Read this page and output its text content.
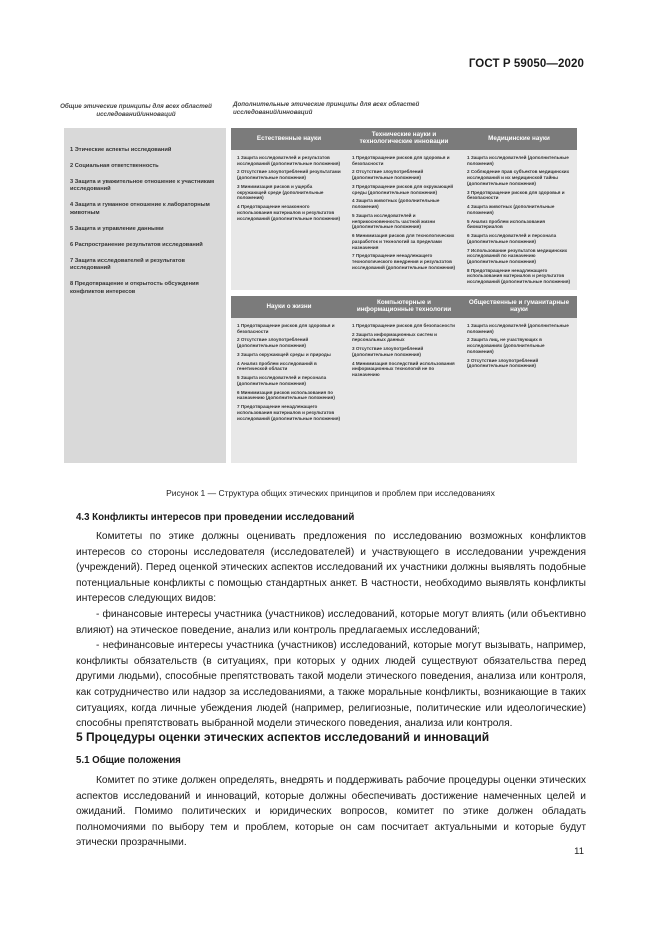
ГОСТ Р 59050—2020
Общие этические принципы для всех областей исследований/инноваций
Дополнительные этические принципы для всех областей исследований/инноваций
1 Этические аспекты исследований
2 Социальная ответственность
3 Защита и уважительное отношение к участникам исследований
4 Защита и гуманное отношение к лабораторным животным
5 Защита и управление данными
6 Распространение результатов исследований
7 Защита исследователей и результатов исследований
8 Предотвращение и открытость обсуждения конфликтов интересов
Естественные науки
1 Защита исследователей и результатов исследований (дополнительные положения)
2 Отсутствие злоупотреблений результатами (дополнительные положения)
3 Минимизация рисков и ущерба окружающей среде (дополнительные положения)
4 Предотвращение незаконного использования материалов и результатов исследований (дополнительные положения)
Технические науки и технологические инновации
1 Предотвращение рисков для здоровья и безопасности
2 Отсутствие злоупотреблений (дополнительные положения)
3 Предотвращение рисков для окружающей среды (дополнительные положения)
4 Защита животных (дополнительные положения)
5 Защита исследователей и неприкосновенность частной жизни (дополнительные положения)
6 Минимизация рисков для технологических разработок и технологий за пределами назначения
7 Предотвращение ненадлежащего технологического внедрения и результатов исследований (дополнительные положения)
Медицинские науки
1 Защита исследователей (дополнительные положения)
2 Соблюдение прав субъектов медицинских исследований и их медицинской тайны (дополнительные положения)
3 Предотвращение рисков для здоровья и безопасности
4 Защита животных (дополнительные положения)
5 Анализ проблем использования биоматериалов
6 Защита исследователей и персонала (дополнительные положения)
7 Использование результатов медицинских исследований по назначению (дополнительные положения)
8 Предотвращение ненадлежащего использования материалов и результатов исследований (дополнительные положения)
Науки о жизни
1 Предотвращение рисков для здоровья и безопасности
2 Отсутствие злоупотреблений (дополнительные положения)
3 Защита окружающей среды и природы
4 Анализ проблем исследований в генетической области
5 Защита исследователей и персонала (дополнительные положения)
6 Минимизация рисков использования по назначению (дополнительные положения)
7 Предотвращение ненадлежащего использования материалов и результатов исследований (дополнительные положения)
Компьютерные и информационные технологии
1 Предотвращение рисков для безопасности
2 Защита информационных систем и персональных данных
3 Отсутствие злоупотреблений (дополнительные положения)
4 Минимизация последствий использования информационных технологий не по назначению
Общественные и гуманитарные науки
1 Защита исследователей (дополнительные положения)
2 Защита лиц, не участвующих в исследованиях (дополнительные положения)
3 Отсутствие злоупотреблений (дополнительные положения)
Рисунок 1 — Структура общих этических принципов и проблем при исследованиях
4.3 Конфликты интересов при проведении исследований
Комитеты по этике должны оценивать предложения по исследованию возможных конфликтов интересов со стороны исследователя (исследователей) и участвующего в исследовании учреждения (учреждений). Перед оценкой этических аспектов исследований их участники должны выявлять подобные потенциальные конфликты с помощью стандартных анкет. В частности, необходимо выявлять конфликты интересов следующих видов:
- финансовые интересы участника (участников) исследований, которые могут влиять (или объективно влияют) на этическое поведение, анализ или контроль предлагаемых исследований;
- нефинансовые интересы участника (участников) исследований, которые могут вызывать, например, конфликты обязательств (в ситуациях, при которых у одних людей существуют обязательства перед другими людьми), способные препятствовать такой модели этического поведения, анализа или контроля, как сотрудничество или надзор за исследованиями, а также моральные конфликты, возникающие в таких ситуациях, когда личные убеждения людей (например, религиозные, политические или идеологические) способны препятствовать выбранной модели этического поведения, анализа или контроля.
5 Процедуры оценки этических аспектов исследований и инноваций
5.1 Общие положения
Комитет по этике должен определять, внедрять и поддерживать рабочие процедуры оценки этических аспектов исследований и инноваций, которые должны обеспечивать достижение намеченных целей и ожиданий. Помимо политических и юридических вопросов, комитет по этике должен обладать полномочиями по выбору тем и проблем, которые он сам посчитает актуальными и которые будут этически прозрачными.
11
